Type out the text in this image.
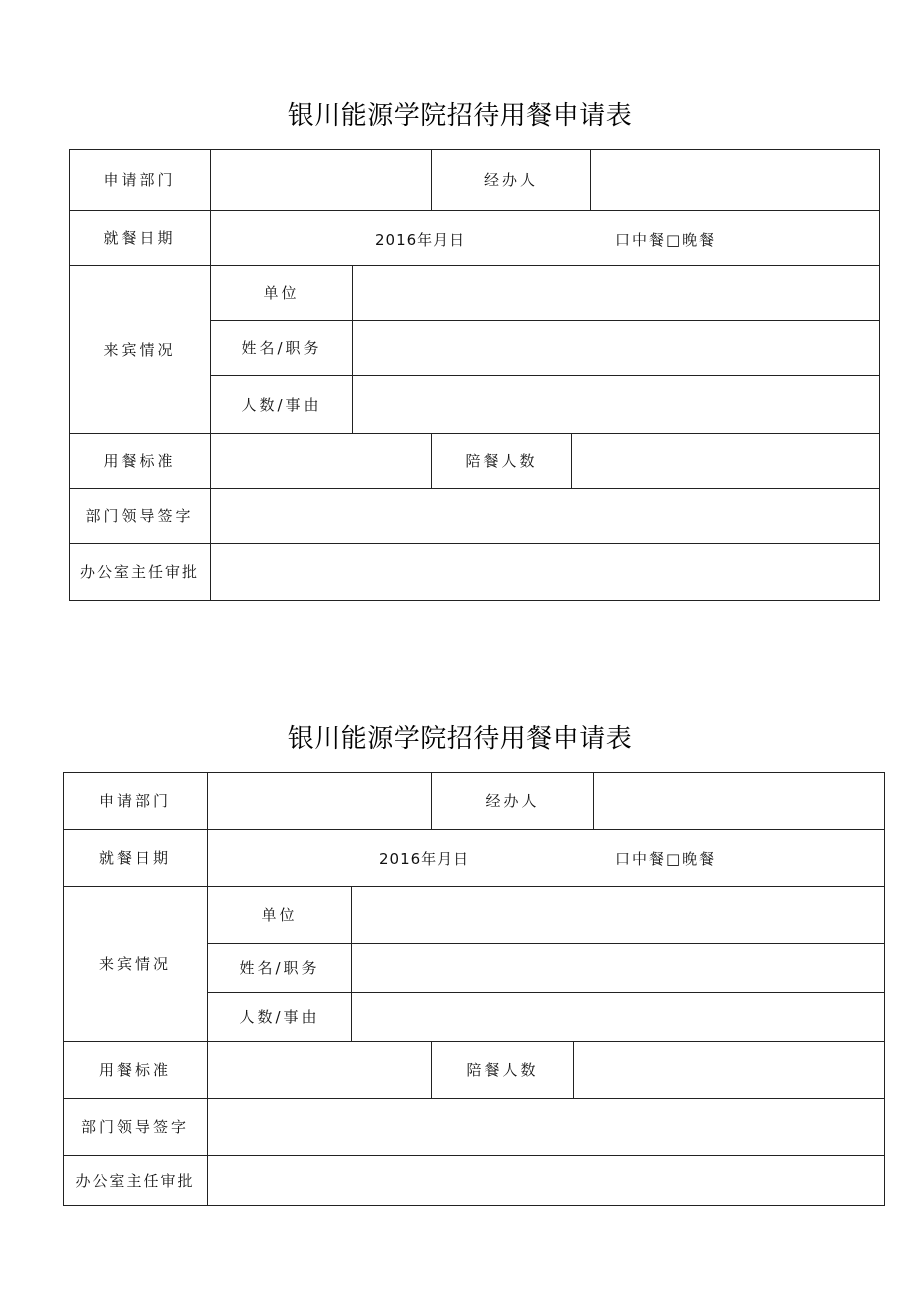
银川能源学院招待用餐申请表
申请部门	经办人
就餐日期	2016年月日	口中餐□晚餐
来宾情况
单位
姓名/职务
人数/事由
用餐标准	陪餐人数
部门领导签字
办公室主任审批
银川能源学院招待用餐申请表
申请部门	经办人
就餐日期	2016年月日	口中餐□晚餐
来宾情况
单位
姓名/职务
人数/事由
用餐标准	陪餐人数
部门领导签字
办公室主任审批
